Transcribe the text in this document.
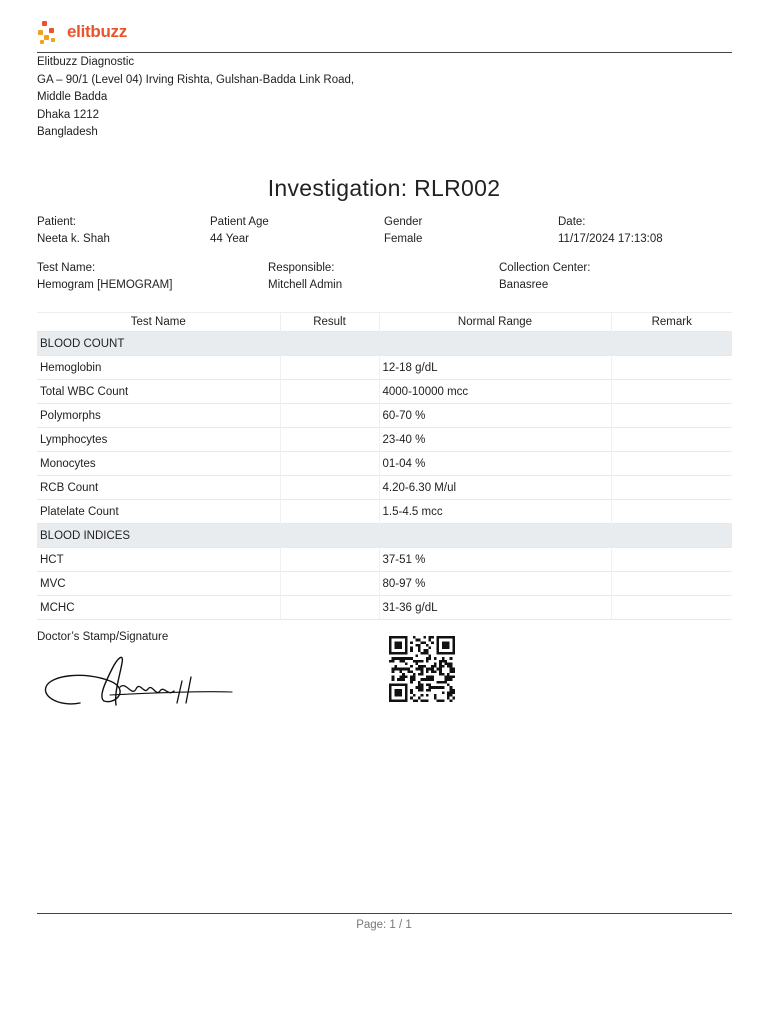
elitbuzz
Elitbuzz Diagnostic
GA – 90/1 (Level 04) Irving Rishta, Gulshan-Badda Link Road,
Middle Badda
Dhaka 1212
Bangladesh
Investigation: RLR002
Patient:
Neeta k. Shah
Patient Age
44 Year
Gender
Female
Date:
11/17/2024 17:13:08
Test Name:
Hemogram [HEMOGRAM]
Responsible:
Mitchell Admin
Collection Center:
Banasree
Test Name	Result	Normal Range	Remark
BLOOD COUNT			
Hemoglobin		12-18 g/dL	
Total WBC Count		4000-10000 mcc	
Polymorphs		60-70 %	
Lymphocytes		23-40 %	
Monocytes		01-04 %	
RCB Count		4.20-6.30 M/ul	
Platelate Count		1.5-4.5 mcc	
BLOOD INDICES			
HCT		37-51 %	
MVC		80-97 %	
MCHC		31-36 g/dL	
Doctor’s Stamp/Signature
Page: 1 / 1
